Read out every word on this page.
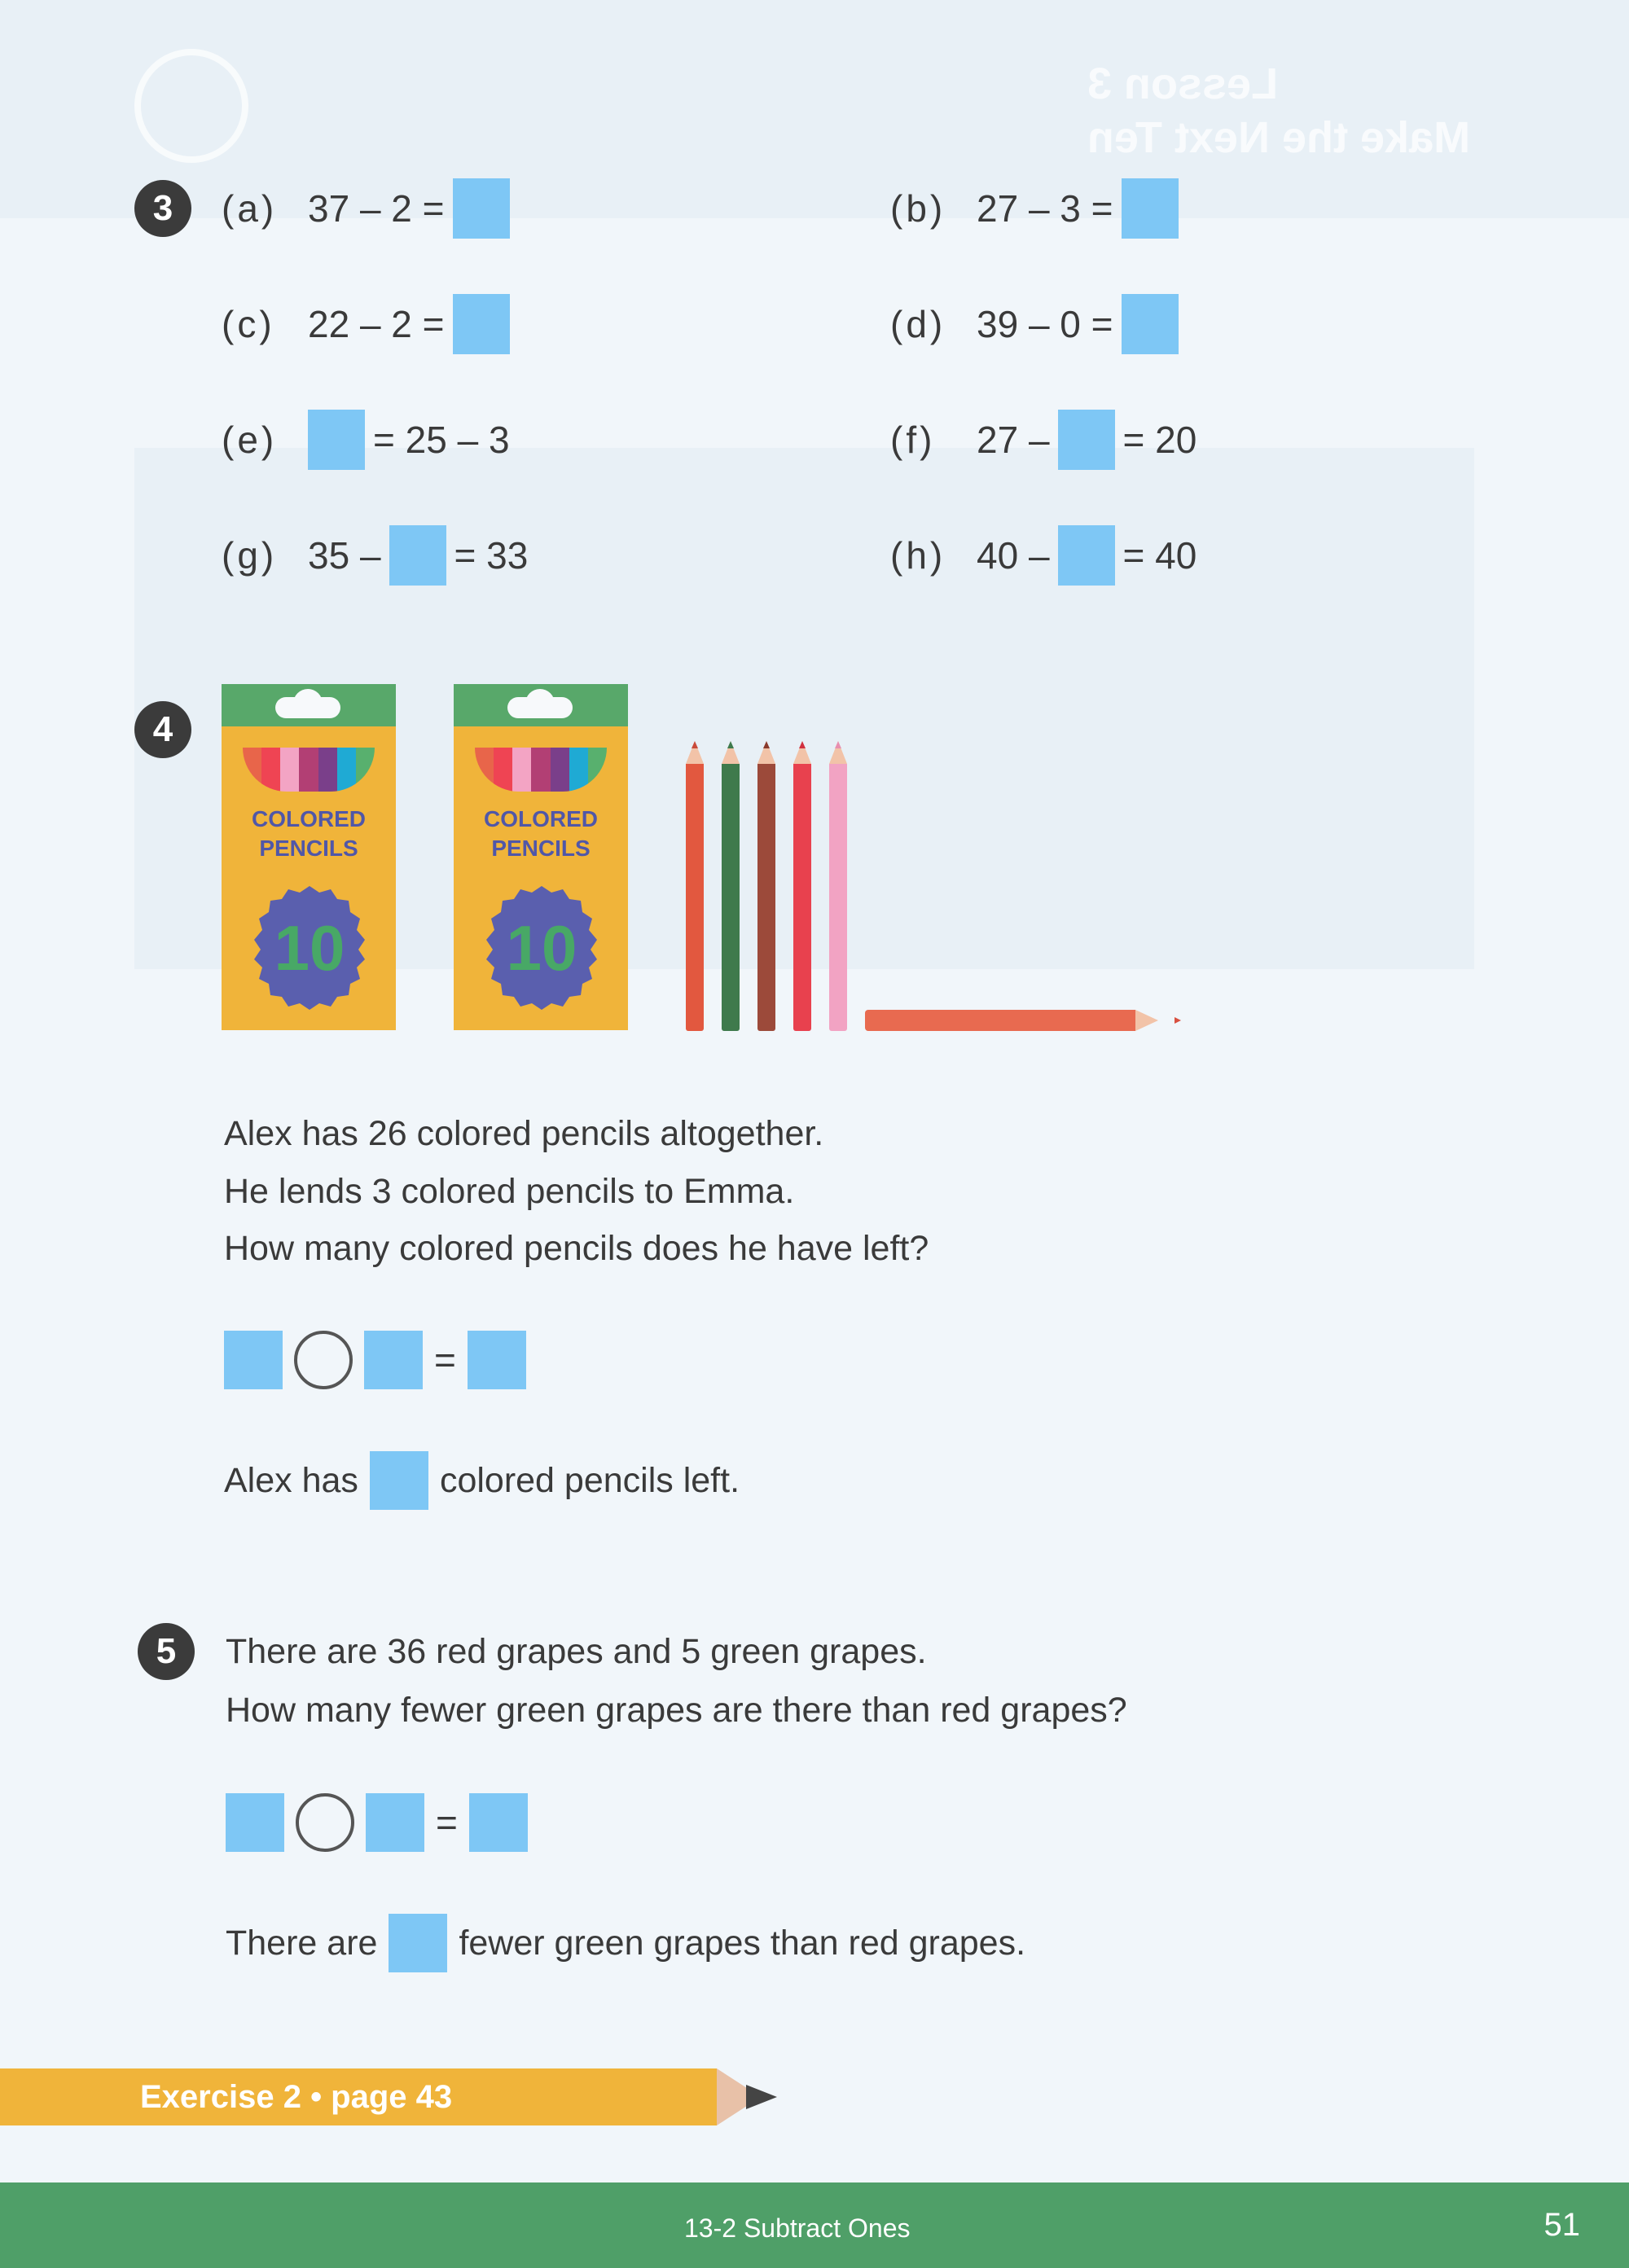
Lesson 3
Make the Next Ten
3	(a) 37 – 2 =	(b) 27 – 3 =
(c) 22 – 2 =	(d) 39 – 0 =
(e)	= 25 – 3	(f)	27 – = 20
(g) 35 – = 33	(h) 40 – = 40
4
COLORED
PENCILS
10
COLORED
PENCILS
10
Alex has 26 colored pencils altogether.
He lends 3 colored pencils to Emma.
How many colored pencils does he have left?
=
Alex has colored pencils left.
5	There are 36 red grapes and 5 green grapes.
How many fewer green grapes are there than red grapes?
=
There are fewer green grapes than red grapes.
Exercise 2 • page 43
13-2 Subtract Ones	51
